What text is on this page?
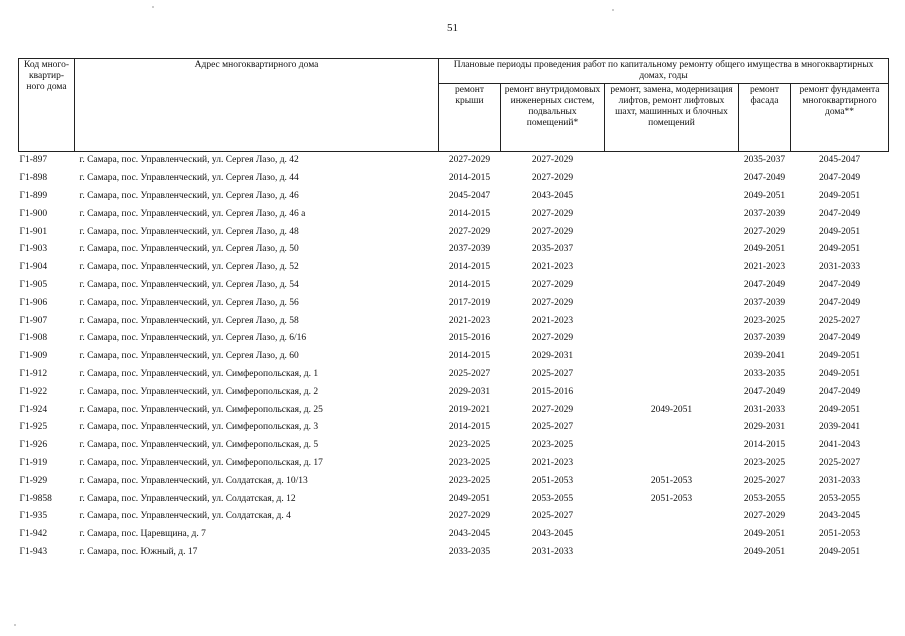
51
Код много-квартир-ного дома	Адрес многоквартирного дома	Плановые периоды проведения работ по капитальному ремонту общего имущества в многоквартирных домах, годы				
		ремонт крыши	ремонт внутридомовых инженерных систем, подвальных помещений*	ремонт, замена, модернизация лифтов, ремонт лифтовых шахт, машинных и блочных помещений	ремонт фасада	ремонт фундамента многоквартирного дома**
Г1-897	г. Самара, пос. Управленческий, ул. Сергея Лазо, д. 42	2027-2029	2027-2029		2035-2037	2045-2047
Г1-898	г. Самара, пос. Управленческий, ул. Сергея Лазо, д. 44	2014-2015	2027-2029		2047-2049	2047-2049
Г1-899	г. Самара, пос. Управленческий, ул. Сергея Лазо, д. 46	2045-2047	2043-2045		2049-2051	2049-2051
Г1-900	г. Самара, пос. Управленческий, ул. Сергея Лазо, д. 46 а	2014-2015	2027-2029		2037-2039	2047-2049
Г1-901	г. Самара, пос. Управленческий, ул. Сергея Лазо, д. 48	2027-2029	2027-2029		2027-2029	2049-2051
Г1-903	г. Самара, пос. Управленческий, ул. Сергея Лазо, д. 50	2037-2039	2035-2037		2049-2051	2049-2051
Г1-904	г. Самара, пос. Управленческий, ул. Сергея Лазо, д. 52	2014-2015	2021-2023		2021-2023	2031-2033
Г1-905	г. Самара, пос. Управленческий, ул. Сергея Лазо, д. 54	2014-2015	2027-2029		2047-2049	2047-2049
Г1-906	г. Самара, пос. Управленческий, ул. Сергея Лазо, д. 56	2017-2019	2027-2029		2037-2039	2047-2049
Г1-907	г. Самара, пос. Управленческий, ул. Сергея Лазо, д. 58	2021-2023	2021-2023		2023-2025	2025-2027
Г1-908	г. Самара, пос. Управленческий, ул. Сергея Лазо, д. 6/16	2015-2016	2027-2029		2037-2039	2047-2049
Г1-909	г. Самара, пос. Управленческий, ул. Сергея Лазо, д. 60	2014-2015	2029-2031		2039-2041	2049-2051
Г1-912	г. Самара, пос. Управленческий, ул. Симферопольская, д. 1	2025-2027	2025-2027		2033-2035	2049-2051
Г1-922	г. Самара, пос. Управленческий, ул. Симферопольская, д. 2	2029-2031	2015-2016		2047-2049	2047-2049
Г1-924	г. Самара, пос. Управленческий, ул. Симферопольская, д. 25	2019-2021	2027-2029	2049-2051	2031-2033	2049-2051
Г1-925	г. Самара, пос. Управленческий, ул. Симферопольская, д. 3	2014-2015	2025-2027		2029-2031	2039-2041
Г1-926	г. Самара, пос. Управленческий, ул. Симферопольская, д. 5	2023-2025	2023-2025		2014-2015	2041-2043
Г1-919	г. Самара, пос. Управленческий, ул. Симферопольская, д. 17	2023-2025	2021-2023		2023-2025	2025-2027
Г1-929	г. Самара, пос. Управленческий, ул. Солдатская, д. 10/13	2023-2025	2051-2053	2051-2053	2025-2027	2031-2033
Г1-9858	г. Самара, пос. Управленческий, ул. Солдатская, д. 12	2049-2051	2053-2055	2051-2053	2053-2055	2053-2055
Г1-935	г. Самара, пос. Управленческий, ул. Солдатская, д. 4	2027-2029	2025-2027		2027-2029	2043-2045
Г1-942	г. Самара, пос. Царевщина, д. 7	2043-2045	2043-2045		2049-2051	2051-2053
Г1-943	г. Самара, пос. Южный, д. 17	2033-2035	2031-2033		2049-2051	2049-2051
